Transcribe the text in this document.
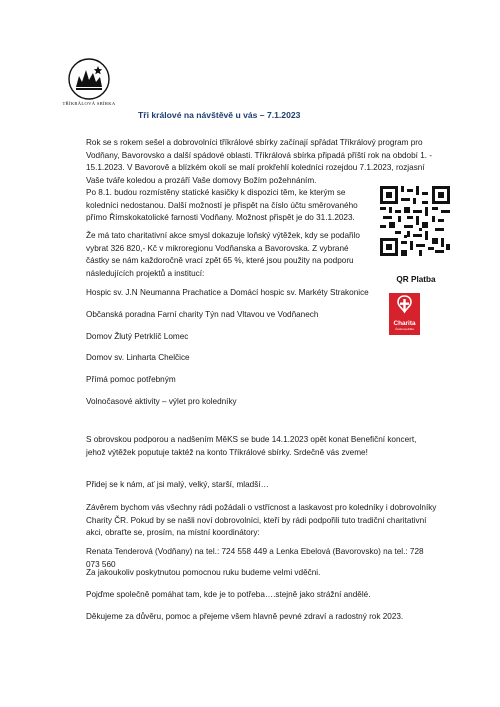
TŘÍKRÁLOVÁ SBÍRKA
Tři králové na návštěvě u vás – 7.1.2023

Rok se s rokem sešel a dobrovolníci tříkrálové sbírky začínají spřádat Tříkrálový program pro Vodňany, Bavorovsko a další spádové oblasti. Tříkrálová sbírka připadá příští rok na období 1. - 15.1.2023. V Bavorově a blízkém okolí se malí prokřehlí koledníci rozejdou 7.1.2023, rozjasní Vaše tváře koledou a prozáří Vaše domovy Božím požehnáním.

Po 8.1. budou rozmístěny statické kasičky k dispozici těm, ke kterým se koledníci nedostanou. Další možností je přispět na číslo účtu směrovaného přímo Římskokatolické farnosti Vodňany. Možnost přispět je do 31.1.2023.

Že má tato charitativní akce smysl dokazuje loňský výtěžek, kdy se podařilo vybrat 326 820,- Kč v mikroregionu Vodňanska a Bavorovska. Z vybrané částky se nám každoročně vrací zpět 65 %, které jsou použity na podporu následujících projektů a institucí:

Hospic sv. J.N Neumanna Prachatice a Domácí hospic sv. Markéty Strakonice

Občanská poradna Farní charity Týn nad Vltavou ve Vodňanech

Domov Žlutý Petrklíč Lomec

Domov sv. Linharta Chelčice

Přímá pomoc potřebným

Volnočasové aktivity – výlet pro koledníky

S obrovskou podporou a nadšením MěKS se bude 14.1.2023 opět konat Benefiční koncert, jehož výtěžek poputuje taktéž na konto Tříkrálové sbírky. Srdečně vás zveme!

Přidej se k nám, ať jsi malý, velký, starší, mladší…

Závěrem bychom vás všechny rádi požádali o vstřícnost a laskavost pro koledníky i dobrovolníky Charity ČR. Pokud by se našli noví dobrovolníci, kteří by rádi podpořili tuto tradiční charitativní akci, obraťte se, prosím, na místní koordinátory:

Renata Tenderová (Vodňany) na tel.: 724 558 449 a Lenka Ebelová (Bavorovsko) na tel.: 728 073 560

Za jakoukoliv poskytnutou pomocnou ruku budeme velmi vděčni.

Pojďme společně pomáhat tam, kde je to potřeba….stejně jako strážní andělé.

Děkujeme za důvěru, pomoc a přejeme všem hlavně pevné zdraví a radostný rok 2023.

QR Platba
Charita
Česká republika
